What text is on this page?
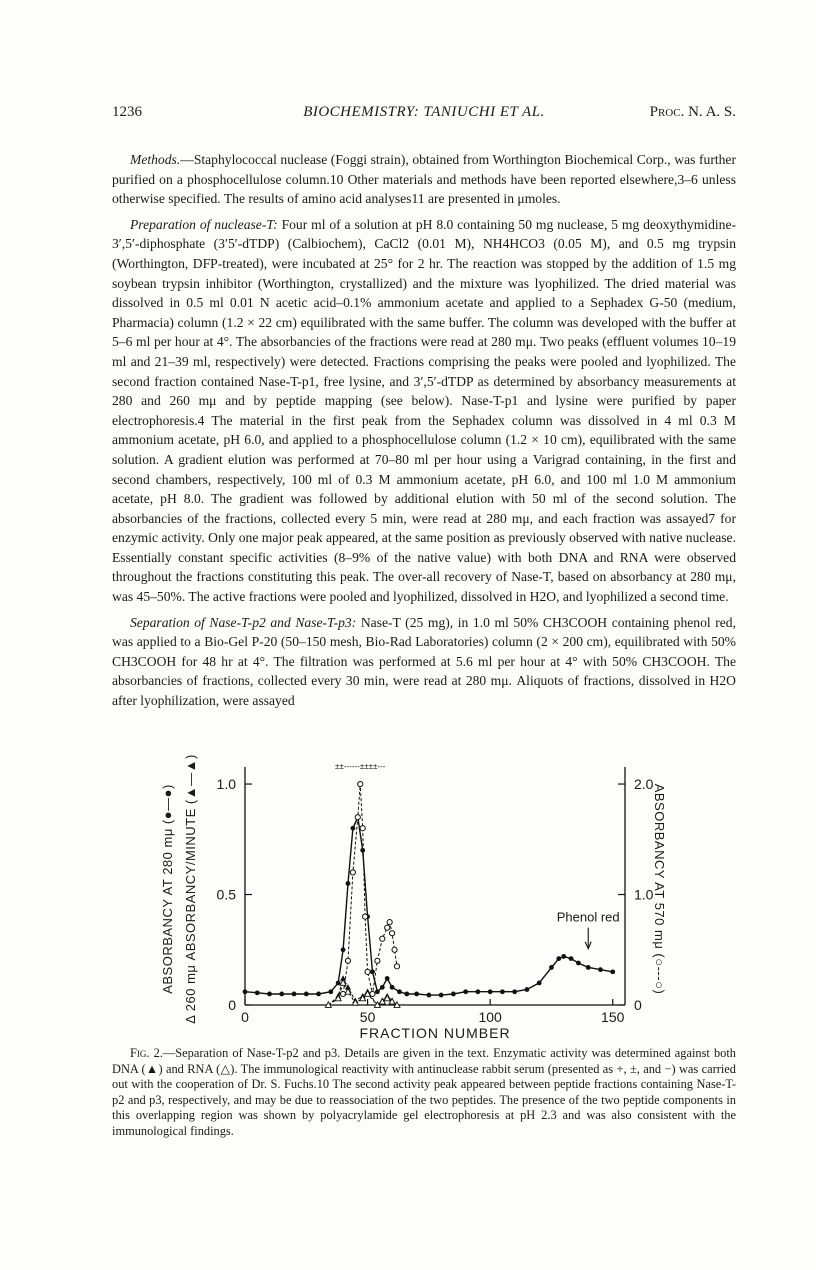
1236	BIOCHEMISTRY: TANIUCHI ET AL.	Proc. N. A. S.

Methods.—Staphylococcal nuclease (Foggi strain), obtained from Worthington Biochemical Corp., was further purified on a phosphocellulose column.10 Other materials and methods have been reported elsewhere,3–6 unless otherwise specified. The results of amino acid analyses11 are presented in μmoles.

Preparation of nuclease-T: Four ml of a solution at pH 8.0 containing 50 mg nuclease, 5 mg deoxythymidine-3′,5′-diphosphate (3′5′-dTDP) (Calbiochem), CaCl2 (0.01 M), NH4HCO3 (0.05 M), and 0.5 mg trypsin (Worthington, DFP-treated), were incubated at 25° for 2 hr. The reaction was stopped by the addition of 1.5 mg soybean trypsin inhibitor (Worthington, crystallized) and the mixture was lyophilized. The dried material was dissolved in 0.5 ml 0.01 N acetic acid–0.1% ammonium acetate and applied to a Sephadex G-50 (medium, Pharmacia) column (1.2 × 22 cm) equilibrated with the same buffer. The column was developed with the buffer at 5–6 ml per hour at 4°. The absorbancies of the fractions were read at 280 mμ. Two peaks (effluent volumes 10–19 ml and 21–39 ml, respectively) were detected. Fractions comprising the peaks were pooled and lyophilized. The second fraction contained Nase-T-p1, free lysine, and 3′,5′-dTDP as determined by absorbancy measurements at 280 and 260 mμ and by peptide mapping (see below). Nase-T-p1 and lysine were purified by paper electrophoresis.4 The material in the first peak from the Sephadex column was dissolved in 4 ml 0.3 M ammonium acetate, pH 6.0, and applied to a phosphocellulose column (1.2 × 10 cm), equilibrated with the same solution. A gradient elution was performed at 70–80 ml per hour using a Varigrad containing, in the first and second chambers, respectively, 100 ml of 0.3 M ammonium acetate, pH 6.0, and 100 ml 1.0 M ammonium acetate, pH 8.0. The gradient was followed by additional elution with 50 ml of the second solution. The absorbancies of the fractions, collected every 5 min, were read at 280 mμ, and each fraction was assayed7 for enzymic activity. Only one major peak appeared, at the same position as previously observed with native nuclease. Essentially constant specific activities (8–9% of the native value) with both DNA and RNA were observed throughout the fractions constituting this peak. The over-all recovery of Nase-T, based on absorbancy at 280 mμ, was 45–50%. The active fractions were pooled and lyophilized, dissolved in H2O, and lyophilized a second time.

Separation of Nase-T-p2 and Nase-T-p3: Nase-T (25 mg), in 1.0 ml 50% CH3COOH containing phenol red, was applied to a Bio-Gel P-20 (50–150 mesh, Bio-Rad Laboratories) column (2 × 200 cm), equilibrated with 50% CH3COOH for 48 hr at 4°. The filtration was performed at 5.6 ml per hour at 4° with 50% CH3COOH. The absorbancies of fractions, collected every 30 min, were read at 280 mμ. Aliquots of fractions, dissolved in H2O after lyophilization, were assayed

0
0.5
1.0
0
1.0
2.0
0	50	100	150
FRACTION NUMBER
ABSORBANCY AT 280 mμ (●—●) Δ 260 mμ ABSORBANCY/MINUTE (▲—▲)	ABSORBANCY AT 570 mμ (○---○)
±±------±±±±---
Phenol red

Fig. 2.—Separation of Nase-T-p2 and p3. Details are given in the text. Enzymatic activity was determined against both DNA (▲) and RNA (△). The immunological reactivity with antinuclease rabbit serum (presented as +, ±, and −) was carried out with the cooperation of Dr. S. Fuchs.10 The second activity peak appeared between peptide fractions containing Nase-T-p2 and p3, respectively, and may be due to reassociation of the two peptides. The presence of the two peptide components in this overlapping region was shown by polyacrylamide gel electrophoresis at pH 2.3 and was also consistent with the immunological findings.
